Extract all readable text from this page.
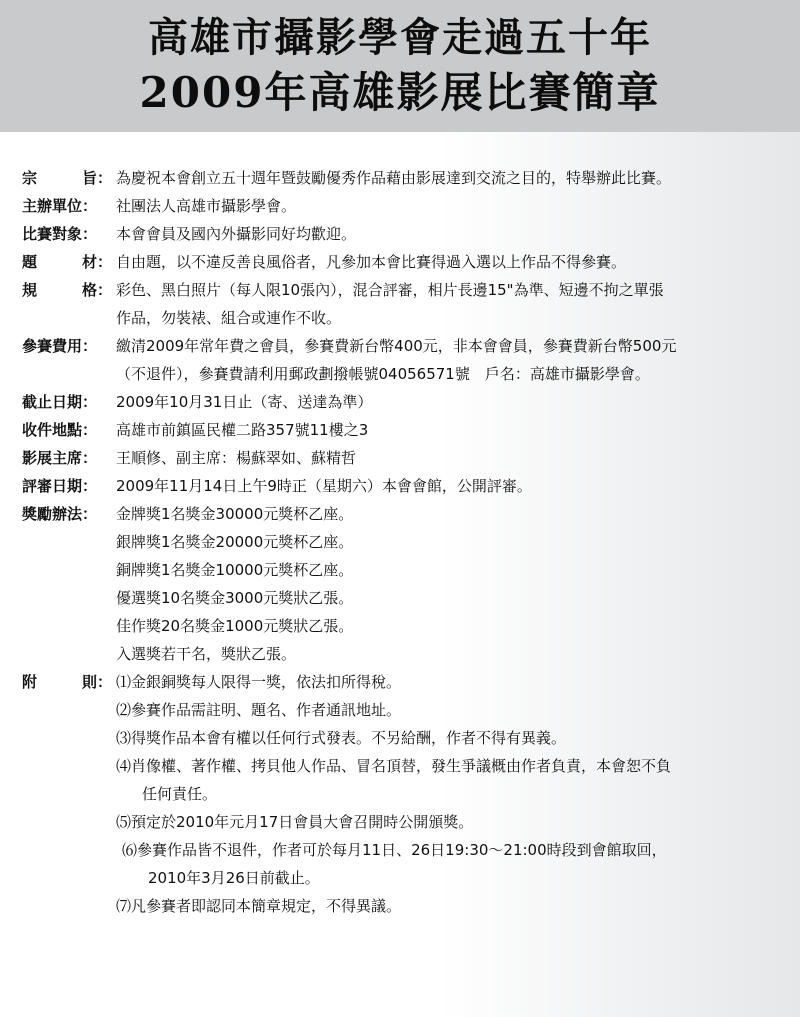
高雄市攝影學會走過五十年
2009年高雄影展比賽簡章
宗	旨： 為慶祝本會創立五十週年暨鼓勵優秀作品藉由影展達到交流之目的，特舉辦此比賽。
主辦單位：	社團法人高雄市攝影學會。
比賽對象：	本會會員及國內外攝影同好均歡迎。
題	材： 自由題，以不違反善良風俗者，凡參加本會比賽得過入選以上作品不得參賽。
規	格： 彩色、黑白照片（每人限10張內），混合評審，相片長邊15"為準、短邊不拘之單張
作品，勿裝裱、組合或連作不收。
參賽費用：	繳清2009年常年費之會員，參賽費新台幣400元，非本會會員，參賽費新台幣500元
（不退件），參賽費請利用郵政劃撥帳號04056571號　戶名：高雄市攝影學會。
截止日期：	2009年10月31日止（寄、送達為準）
收件地點：	高雄市前鎮區民權二路357號11樓之3
影展主席：	王順修、副主席：楊蘇翠如、蘇精哲
評審日期：	2009年11月14日上午9時正（星期六）本會會館，公開評審。
獎勵辦法：	金牌獎1名獎金30000元獎杯乙座。
銀牌獎1名獎金20000元獎杯乙座。
銅牌獎1名獎金10000元獎杯乙座。
優選獎10名獎金3000元獎狀乙張。
佳作獎20名獎金1000元獎狀乙張。
入選獎若干名，獎狀乙張。
附	則： ⑴金銀銅獎每人限得一獎，依法扣所得稅。
⑵參賽作品需註明、題名、作者通訊地址。
⑶得獎作品本會有權以任何行式發表。不另給酬，作者不得有異義。
⑷肖像權、著作權、拷貝他人作品、冒名頂替，發生爭議概由作者負責，本會恕不負
任何責任。
⑸預定於2010年元月17日會員大會召開時公開頒獎。
⑹參賽作品皆不退件，作者可於每月11日、26日19:30～21:00時段到會館取回，
2010年3月26日前截止。
⑺凡參賽者即認同本簡章規定，不得異議。
